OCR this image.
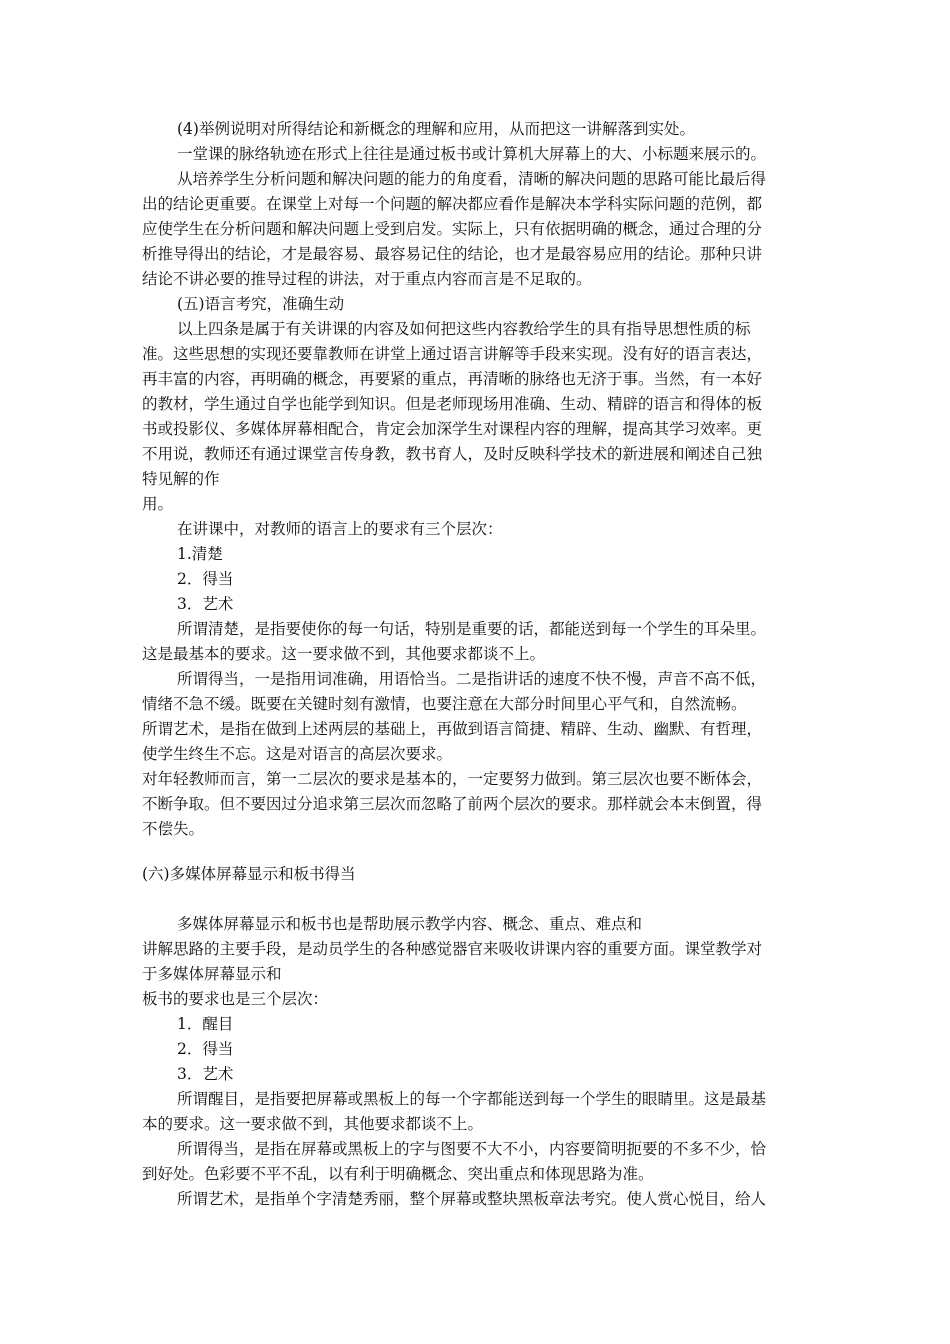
(4)举例说明对所得结论和新概念的理解和应用，从而把这一讲解落到实处。
一堂课的脉络轨迹在形式上往往是通过板书或计算机大屏幕上的大、小标题来展示的。
从培养学生分析问题和解决问题的能力的角度看，清晰的解决问题的思路可能比最后得
出的结论更重要。在课堂上对每一个问题的解决都应看作是解决本学科实际问题的范例，都
应使学生在分析问题和解决问题上受到启发。实际上，只有依据明确的概念，通过合理的分
析推导得出的结论，才是最容易、最容易记住的结论，也才是最容易应用的结论。那种只讲
结论不讲必要的推导过程的讲法，对于重点内容而言是不足取的。
(五)语言考究，准确生动
以上四条是属于有关讲课的内容及如何把这些内容教给学生的具有指导思想性质的标
准。这些思想的实现还要靠教师在讲堂上通过语言讲解等手段来实现。没有好的语言表达，
再丰富的内容，再明确的概念，再要紧的重点，再清晰的脉络也无济于事。当然，有一本好
的教材，学生通过自学也能学到知识。但是老师现场用准确、生动、精辟的语言和得体的板
书或投影仪、多媒体屏幕相配合，肯定会加深学生对课程内容的理解，提高其学习效率。更
不用说，教师还有通过课堂言传身教，教书育人，及时反映科学技术的新进展和阐述自己独
特见解的作
用。
在讲课中，对教师的语言上的要求有三个层次：
1.清楚
2．得当
3．艺术
所谓清楚，是指要使你的每一句话，特别是重要的话，都能送到每一个学生的耳朵里。
这是最基本的要求。这一要求做不到，其他要求都谈不上。
所谓得当，一是指用词准确，用语恰当。二是指讲话的速度不快不慢，声音不高不低，
情绪不急不缓。既要在关键时刻有激情，也要注意在大部分时间里心平气和，自然流畅。
所谓艺术，是指在做到上述两层的基础上，再做到语言简捷、精辟、生动、幽默、有哲理，
使学生终生不忘。这是对语言的高层次要求。
对年轻教师而言，第一二层次的要求是基本的，一定要努力做到。第三层次也要不断体会，
不断争取。但不要因过分追求第三层次而忽略了前两个层次的要求。那样就会本末倒置，得
不偿失。
(六)多媒体屏幕显示和板书得当
多媒体屏幕显示和板书也是帮助展示教学内容、概念、重点、难点和
讲解思路的主要手段，是动员学生的各种感觉器官来吸收讲课内容的重要方面。课堂教学对
于多媒体屏幕显示和
板书的要求也是三个层次：
1．醒目
2．得当
3．艺术
所谓醒目，是指要把屏幕或黑板上的每一个字都能送到每一个学生的眼睛里。这是最基
本的要求。这一要求做不到，其他要求都谈不上。
所谓得当，是指在屏幕或黑板上的字与图要不大不小，内容要简明扼要的不多不少，恰
到好处。色彩要不平不乱，以有利于明确概念、突出重点和体现思路为准。
所谓艺术，是指单个字清楚秀丽，整个屏幕或整块黑板章法考究。使人赏心悦目，给人
